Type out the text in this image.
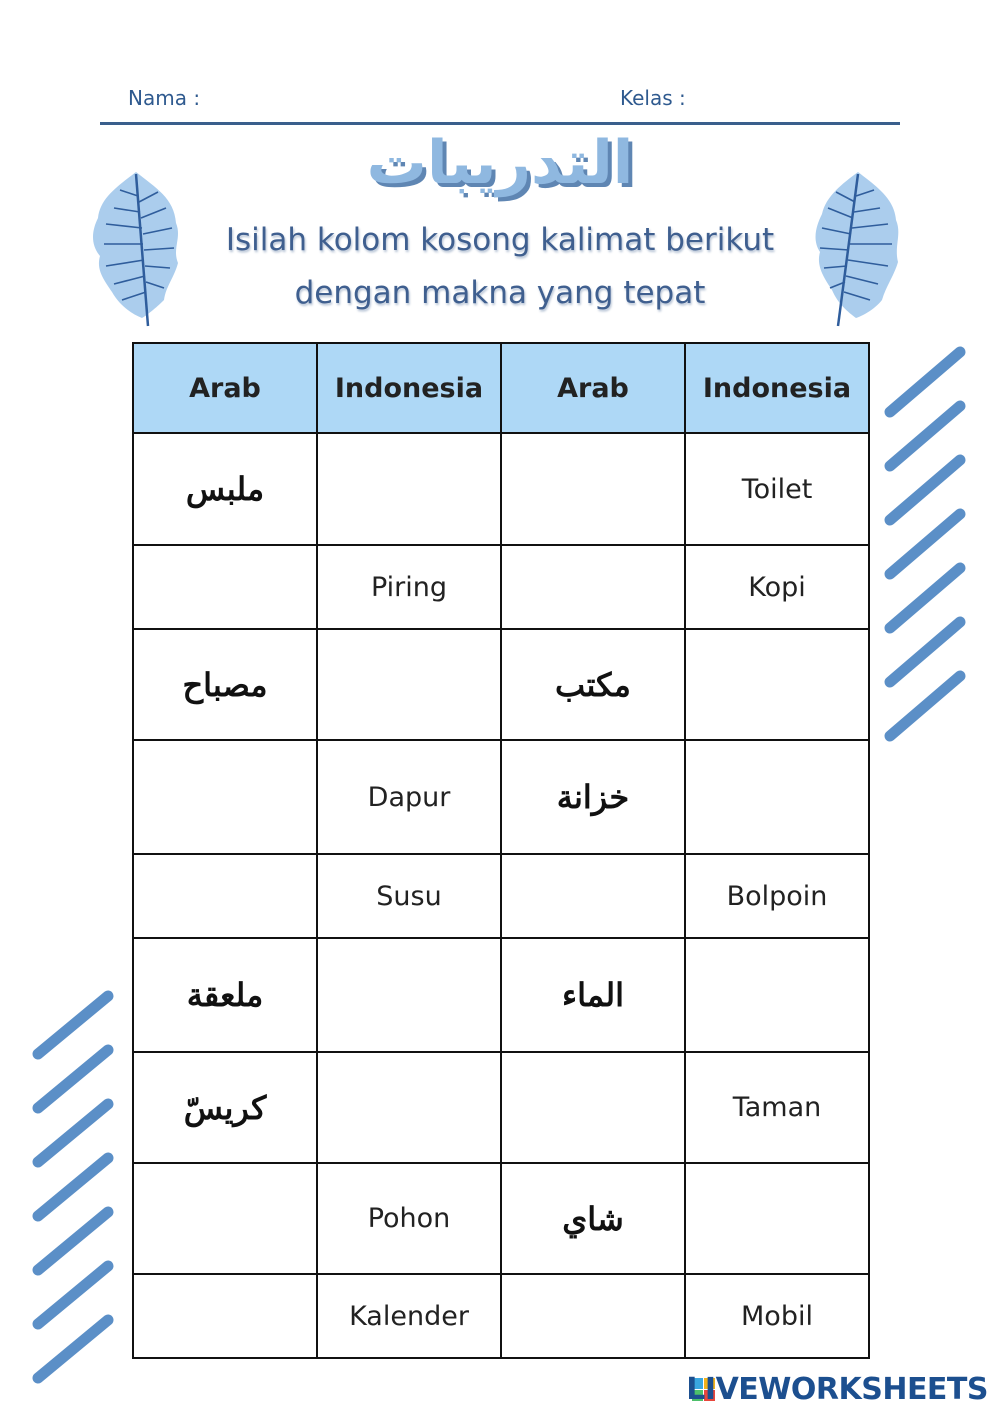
Nama :	Kelas :
التدريبات
Isilah kolom kosong kalimat berikut
dengan makna yang tepat
Arab	Indonesia	Arab	Indonesia
ملبس			Toilet
	Piring		Kopi
مصباح		مكتب	
	Dapur	خزانة	
	Susu		Bolpoin
ملعقة		الماء	
كريسّ			Taman
	Pohon	شاي	
	Kalender		Mobil
LIVEWORKSHEETS
